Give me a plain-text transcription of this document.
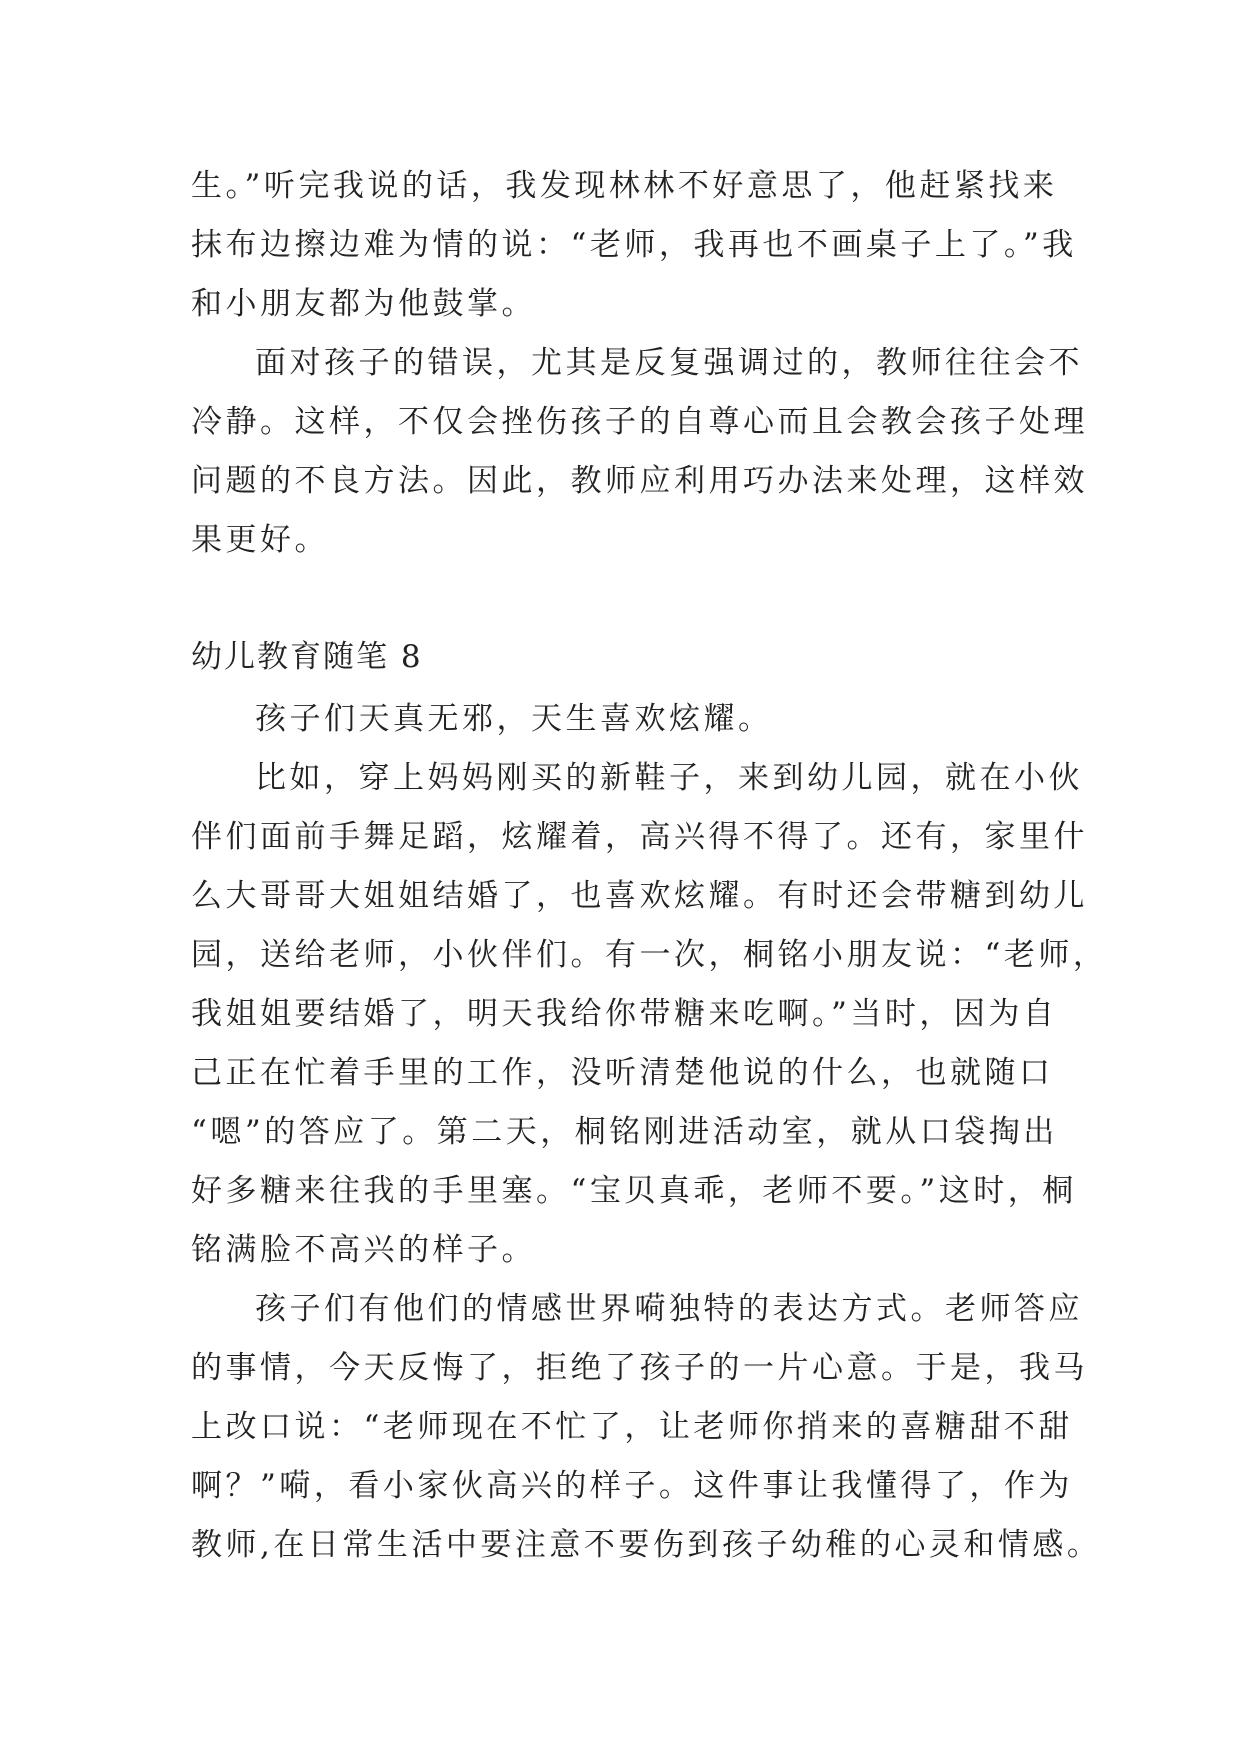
生。”听完我说的话，我发现林林不好意思了，他赶紧找来
抹布边擦边难为情的说：“老师，我再也不画桌子上了。”我
和小朋友都为他鼓掌。

面对孩子的错误，尤其是反复强调过的，教师往往会不
冷静。这样，不仅会挫伤孩子的自尊心而且会教会孩子处理
问题的不良方法。因此，教师应利用巧办法来处理，这样效
果更好。

幼儿教育随笔 8

孩子们天真无邪，天生喜欢炫耀。

比如，穿上妈妈刚买的新鞋子，来到幼儿园，就在小伙
伴们面前手舞足蹈，炫耀着，高兴得不得了。还有，家里什
么大哥哥大姐姐结婚了，也喜欢炫耀。有时还会带糖到幼儿
园，送给老师，小伙伴们。有一次，桐铭小朋友说：“老师，
我姐姐要结婚了，明天我给你带糖来吃啊。”当时，因为自
己正在忙着手里的工作，没听清楚他说的什么，也就随口
“嗯”的答应了。第二天，桐铭刚进活动室，就从口袋掏出
好多糖来往我的手里塞。“宝贝真乖，老师不要。”这时，桐
铭满脸不高兴的样子。

孩子们有他们的情感世界嗬独特的表达方式。老师答应
的事情，今天反悔了，拒绝了孩子的一片心意。于是，我马
上改口说：“老师现在不忙了，让老师你捎来的喜糖甜不甜
啊？”嗬，看小家伙高兴的样子。这件事让我懂得了，作为
教师,在日常生活中要注意不要伤到孩子幼稚的心灵和情感。
